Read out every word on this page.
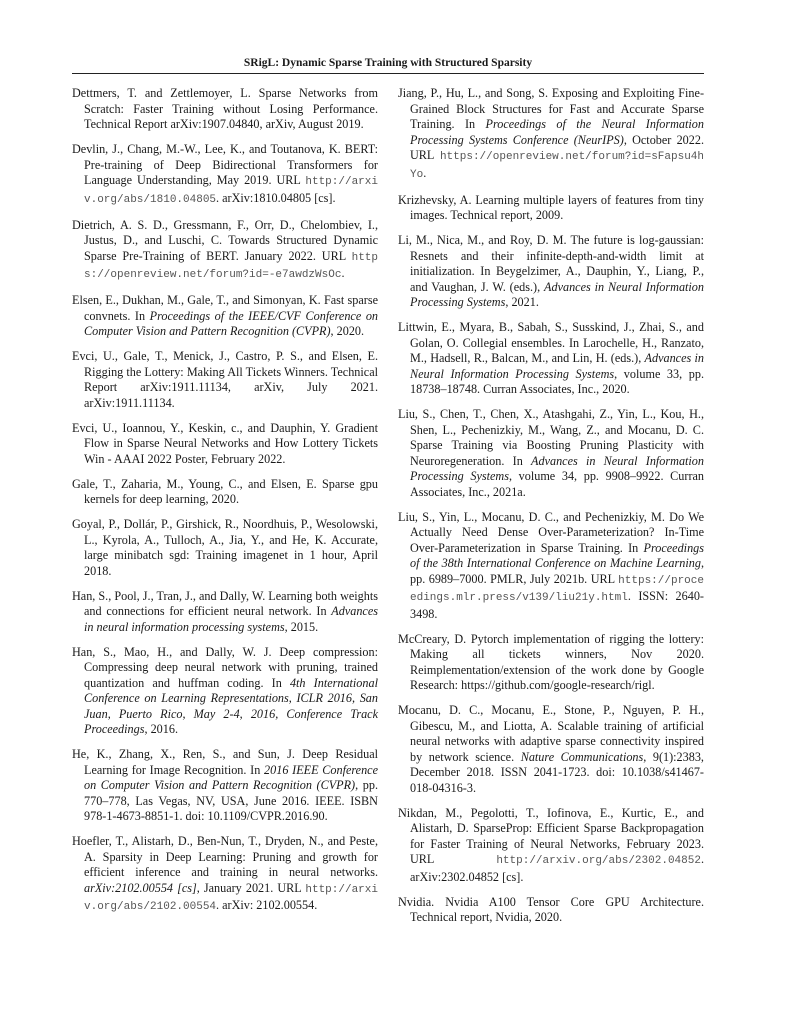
SRigL: Dynamic Sparse Training with Structured Sparsity

Dettmers, T. and Zettlemoyer, L. Sparse Networks from Scratch: Faster Training without Losing Performance. Technical Report arXiv:1907.04840, arXiv, August 2019.

Devlin, J., Chang, M.-W., Lee, K., and Toutanova, K. BERT: Pre-training of Deep Bidirectional Transformers for Language Understanding, May 2019. URL http://arxiv.org/abs/1810.04805. arXiv:1810.04805 [cs].

Dietrich, A. S. D., Gressmann, F., Orr, D., Chelombiev, I., Justus, D., and Luschi, C. Towards Structured Dynamic Sparse Pre-Training of BERT. January 2022. URL https://openreview.net/forum?id=-e7awdzWsOc.

Elsen, E., Dukhan, M., Gale, T., and Simonyan, K. Fast sparse convnets. In Proceedings of the IEEE/CVF Conference on Computer Vision and Pattern Recognition (CVPR), 2020.

Evci, U., Gale, T., Menick, J., Castro, P. S., and Elsen, E. Rigging the Lottery: Making All Tickets Winners. Technical Report arXiv:1911.11134, arXiv, July 2021. arXiv:1911.11134.

Evci, U., Ioannou, Y., Keskin, c., and Dauphin, Y. Gradient Flow in Sparse Neural Networks and How Lottery Tickets Win - AAAI 2022 Poster, February 2022.

Gale, T., Zaharia, M., Young, C., and Elsen, E. Sparse gpu kernels for deep learning, 2020.

Goyal, P., Dollár, P., Girshick, R., Noordhuis, P., Wesolowski, L., Kyrola, A., Tulloch, A., Jia, Y., and He, K. Accurate, large minibatch sgd: Training imagenet in 1 hour, April 2018.

Han, S., Pool, J., Tran, J., and Dally, W. Learning both weights and connections for efficient neural network. In Advances in neural information processing systems, 2015.

Han, S., Mao, H., and Dally, W. J. Deep compression: Compressing deep neural network with pruning, trained quantization and huffman coding. In 4th International Conference on Learning Representations, ICLR 2016, San Juan, Puerto Rico, May 2-4, 2016, Conference Track Proceedings, 2016.

He, K., Zhang, X., Ren, S., and Sun, J. Deep Residual Learning for Image Recognition. In 2016 IEEE Conference on Computer Vision and Pattern Recognition (CVPR), pp. 770–778, Las Vegas, NV, USA, June 2016. IEEE. ISBN 978-1-4673-8851-1. doi: 10.1109/CVPR.2016.90.

Hoefler, T., Alistarh, D., Ben-Nun, T., Dryden, N., and Peste, A. Sparsity in Deep Learning: Pruning and growth for efficient inference and training in neural networks. arXiv:2102.00554 [cs], January 2021. URL http://arxiv.org/abs/2102.00554. arXiv: 2102.00554.

Jiang, P., Hu, L., and Song, S. Exposing and Exploiting Fine-Grained Block Structures for Fast and Accurate Sparse Training. In Proceedings of the Neural Information Processing Systems Conference (NeurIPS), October 2022. URL https://openreview.net/forum?id=sFapsu4hYo.

Krizhevsky, A. Learning multiple layers of features from tiny images. Technical report, 2009.

Li, M., Nica, M., and Roy, D. M. The future is log-gaussian: Resnets and their infinite-depth-and-width limit at initialization. In Beygelzimer, A., Dauphin, Y., Liang, P., and Vaughan, J. W. (eds.), Advances in Neural Information Processing Systems, 2021.

Littwin, E., Myara, B., Sabah, S., Susskind, J., Zhai, S., and Golan, O. Collegial ensembles. In Larochelle, H., Ranzato, M., Hadsell, R., Balcan, M., and Lin, H. (eds.), Advances in Neural Information Processing Systems, volume 33, pp. 18738–18748. Curran Associates, Inc., 2020.

Liu, S., Chen, T., Chen, X., Atashgahi, Z., Yin, L., Kou, H., Shen, L., Pechenizkiy, M., Wang, Z., and Mocanu, D. C. Sparse Training via Boosting Pruning Plasticity with Neuroregeneration. In Advances in Neural Information Processing Systems, volume 34, pp. 9908–9922. Curran Associates, Inc., 2021a.

Liu, S., Yin, L., Mocanu, D. C., and Pechenizkiy, M. Do We Actually Need Dense Over-Parameterization? In-Time Over-Parameterization in Sparse Training. In Proceedings of the 38th International Conference on Machine Learning, pp. 6989–7000. PMLR, July 2021b. URL https://proceedings.mlr.press/v139/liu21y.html. ISSN: 2640-3498.

McCreary, D. Pytorch implementation of rigging the lottery: Making all tickets winners, Nov 2020. Reimplementation/extension of the work done by Google Research: https://github.com/google-research/rigl.

Mocanu, D. C., Mocanu, E., Stone, P., Nguyen, P. H., Gibescu, M., and Liotta, A. Scalable training of artificial neural networks with adaptive sparse connectivity inspired by network science. Nature Communications, 9(1):2383, December 2018. ISSN 2041-1723. doi: 10.1038/s41467-018-04316-3.

Nikdan, M., Pegolotti, T., Iofinova, E., Kurtic, E., and Alistarh, D. SparseProp: Efficient Sparse Backpropagation for Faster Training of Neural Networks, February 2023. URL http://arxiv.org/abs/2302.04852. arXiv:2302.04852 [cs].

Nvidia. Nvidia A100 Tensor Core GPU Architecture. Technical report, Nvidia, 2020.
